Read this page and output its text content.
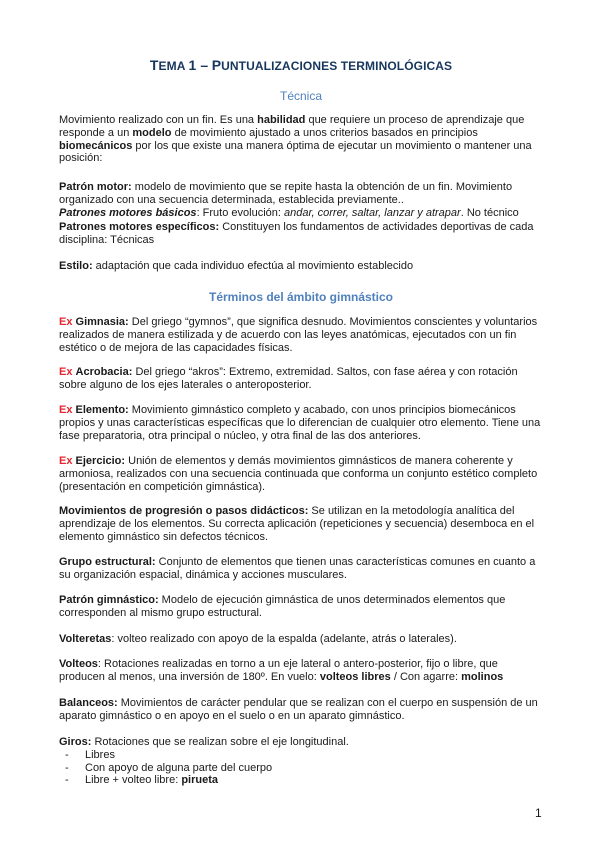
TEMA 1 – PUNTUALIZACIONES TERMINOLÓGICAS
Técnica

Movimiento realizado con un fin. Es una habilidad que requiere un proceso de aprendizaje que responde a un modelo de movimiento ajustado a unos criterios basados en principios biomecánicos por los que existe una manera óptima de ejecutar un movimiento o mantener una posición:

Patrón motor: modelo de movimiento que se repite hasta la obtención de un fin. Movimiento organizado con una secuencia determinada, establecida previamente..

Patrones motores básicos: Fruto evolución: andar, correr, saltar, lanzar y atrapar. No técnico

Patrones motores específicos: Constituyen los fundamentos de actividades deportivas de cada disciplina: Técnicas

Estilo: adaptación que cada individuo efectúa al movimiento establecido

Términos del ámbito gimnástico

Ex Gimnasia: Del griego “gymnos”, que significa desnudo. Movimientos conscientes y voluntarios realizados de manera estilizada y de acuerdo con las leyes anatómicas, ejecutados con un fin estético o de mejora de las capacidades físicas.

Ex Acrobacia: Del griego “akros”: Extremo, extremidad. Saltos, con fase aérea y con rotación sobre alguno de los ejes laterales o anteroposterior.

Ex Elemento: Movimiento gimnástico completo y acabado, con unos principios biomecánicos propios y unas características específicas que lo diferencian de cualquier otro elemento. Tiene una fase preparatoria, otra principal o núcleo, y otra final de las dos anteriores.

Ex Ejercicio: Unión de elementos y demás movimientos gimnásticos de manera coherente y armoniosa, realizados con una secuencia continuada que conforma un conjunto estético completo (presentación en competición gimnástica).

Movimientos de progresión o pasos didácticos: Se utilizan en la metodología analítica del aprendizaje de los elementos. Su correcta aplicación (repeticiones y secuencia) desemboca en el elemento gimnástico sin defectos técnicos.

Grupo estructural: Conjunto de elementos que tienen unas características comunes en cuanto a su organización espacial, dinámica y acciones musculares.

Patrón gimnástico: Modelo de ejecución gimnástica de unos determinados elementos que corresponden al mismo grupo estructural.

Volteretas: volteo realizado con apoyo de la espalda (adelante, atrás o laterales).

Volteos: Rotaciones realizadas en torno a un eje lateral o antero-posterior, fijo o libre, que producen al menos, una inversión de 180º. En vuelo: volteos libres / Con agarre: molinos

Balanceos: Movimientos de carácter pendular que se realizan con el cuerpo en suspensión de un aparato gimnástico o en apoyo en el suelo o en un aparato gimnástico.

Giros: Rotaciones que se realizan sobre el eje longitudinal.
- Libres
- Con apoyo de alguna parte del cuerpo
- Libre + volteo libre: pirueta
1
